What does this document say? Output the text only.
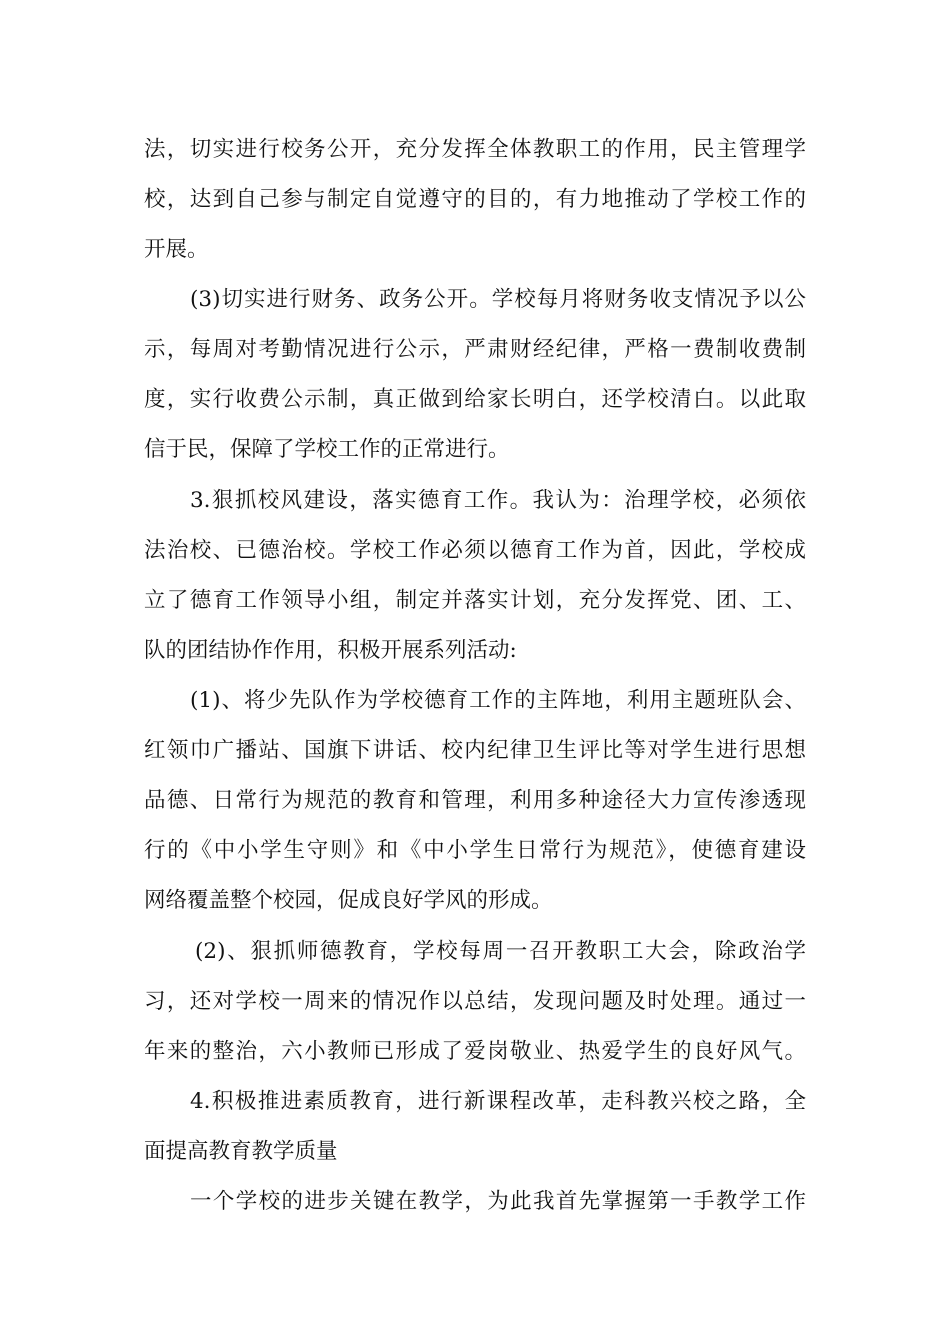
法，切实进行校务公开，充分发挥全体教职工的作用，民主管理学
校，达到自己参与制定自觉遵守的目的，有力地推动了学校工作的
开展。
(3)切实进行财务、政务公开。学校每月将财务收支情况予以公
示，每周对考勤情况进行公示，严肃财经纪律，严格一费制收费制
度，实行收费公示制，真正做到给家长明白，还学校清白。以此取
信于民，保障了学校工作的正常进行。
3.狠抓校风建设，落实德育工作。我认为：治理学校，必须依
法治校、已德治校。学校工作必须以德育工作为首，因此，学校成
立了德育工作领导小组，制定并落实计划，充分发挥党、团、工、
队的团结协作作用，积极开展系列活动:
(1)、将少先队作为学校德育工作的主阵地，利用主题班队会、
红领巾广播站、国旗下讲话、校内纪律卫生评比等对学生进行思想
品德、日常行为规范的教育和管理，利用多种途径大力宣传渗透现
行的《中小学生守则》和《中小学生日常行为规范》，使德育建设
网络覆盖整个校园，促成良好学风的形成。
(2)、狠抓师德教育，学校每周一召开教职工大会，除政治学
习，还对学校一周来的情况作以总结，发现问题及时处理。通过一
年来的整治，六小教师已形成了爱岗敬业、热爱学生的良好风气。
4.积极推进素质教育，进行新课程改革，走科教兴校之路，全
面提高教育教学质量
一个学校的进步关键在教学，为此我首先掌握第一手教学工作
